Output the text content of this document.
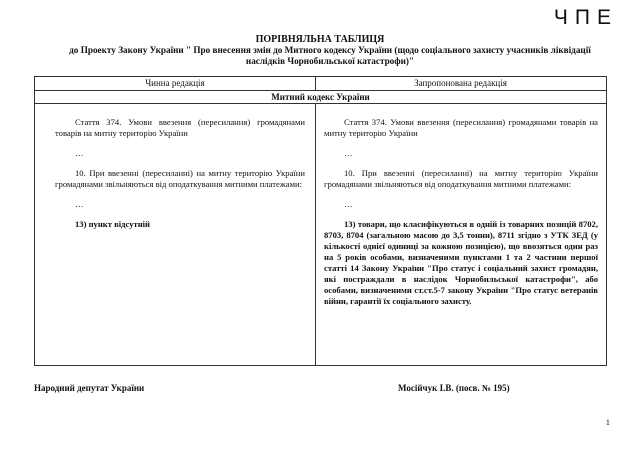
ЧПЕ
ПОРІВНЯЛЬНА ТАБЛИЦЯ
до Проекту Закону України " Про внесення змін до Митного кодексу України (щодо соціального захисту учасників ліквідації наслідків Чорнобильської катастрофи)"
Чинна редакція	Запропонована редакція
Митний кодекс України

Стаття 374. Умови ввезення (пересилання) громадянами товарів на митну територію України

…

10. При ввезенні (пересиланні) на митну територію України громадянами звільняються від оподаткування митними платежами:

…

13) пункт відсутній

Стаття 374. Умови ввезення (пересилання) громадянами товарів на митну територію України

…

10. При ввезенні (пересиланні) на митну територію України громадянами звільняються від оподаткування митними платежами:

…

13) товари, що класифікуються в одній із товарних позицій 8702, 8703, 8704 (загальною масою до 3,5 тонни), 8711 згідно з УТК ЗЕД (у кількості однієї одиниці за кожною позицією), що ввозяться один раз на 5 років особами, визначеними пунктами 1 та 2 частини першої статті 14 Закону України "Про статус і соціальний захист громадян, які постраждали в наслідок Чорнобильської катастрофи", або особами, визначеними ст.ст.5-7 закону України "Про статус ветеранів війни, гарантії їх соціального захисту.

Народний депутат України	Мосійчук І.В. (посв. № 195)
1
